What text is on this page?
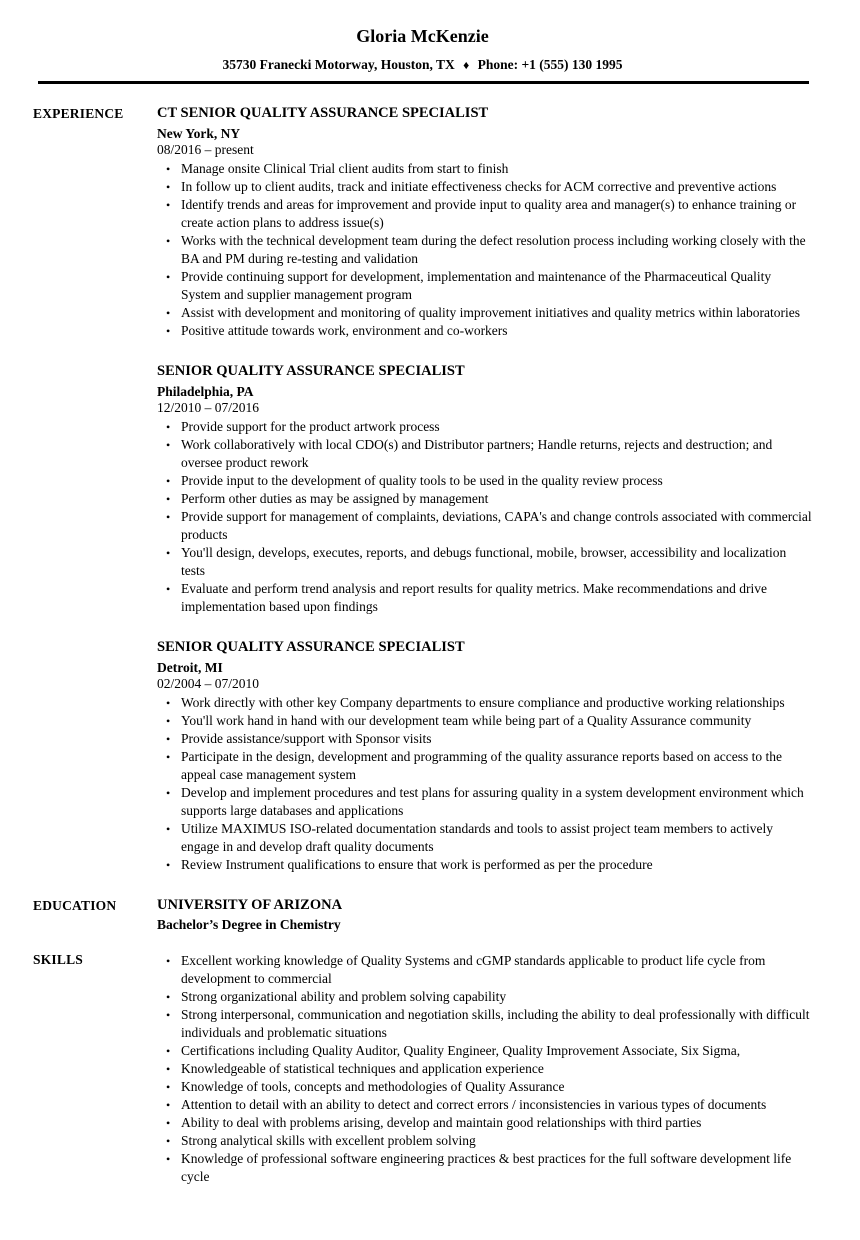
Gloria McKenzie
35730 Franecki Motorway, Houston, TX ♦ Phone: +1 (555) 130 1995
EXPERIENCE	CT SENIOR QUALITY ASSURANCE SPECIALIST
New York, NY
08/2016 – present
• Manage onsite Clinical Trial client audits from start to finish
• In follow up to client audits, track and initiate effectiveness checks for ACM corrective and preventive actions
• Identify trends and areas for improvement and provide input to quality area and manager(s) to enhance training or create action plans to address issue(s)
• Works with the technical development team during the defect resolution process including working closely with the BA and PM during re-testing and validation
• Provide continuing support for development, implementation and maintenance of the Pharmaceutical Quality System and supplier management program
• Assist with development and monitoring of quality improvement initiatives and quality metrics within laboratories
• Positive attitude towards work, environment and co-workers
SENIOR QUALITY ASSURANCE SPECIALIST
Philadelphia, PA
12/2010 – 07/2016
• Provide support for the product artwork process
• Work collaboratively with local CDO(s) and Distributor partners; Handle returns, rejects and destruction; and oversee product rework
• Provide input to the development of quality tools to be used in the quality review process
• Perform other duties as may be assigned by management
• Provide support for management of complaints, deviations, CAPA's and change controls associated with commercial products
• You'll design, develops, executes, reports, and debugs functional, mobile, browser, accessibility and localization tests
• Evaluate and perform trend analysis and report results for quality metrics. Make recommendations and drive implementation based upon findings
SENIOR QUALITY ASSURANCE SPECIALIST
Detroit, MI
02/2004 – 07/2010
• Work directly with other key Company departments to ensure compliance and productive working relationships
• You'll work hand in hand with our development team while being part of a Quality Assurance community
• Provide assistance/support with Sponsor visits
• Participate in the design, development and programming of the quality assurance reports based on access to the appeal case management system
• Develop and implement procedures and test plans for assuring quality in a system development environment which supports large databases and applications
• Utilize MAXIMUS ISO-related documentation standards and tools to assist project team members to actively engage in and develop draft quality documents
• Review Instrument qualifications to ensure that work is performed as per the procedure
EDUCATION	UNIVERSITY OF ARIZONA
Bachelor’s Degree in Chemistry
SKILLS	• Excellent working knowledge of Quality Systems and cGMP standards applicable to product life cycle from development to commercial
• Strong organizational ability and problem solving capability
• Strong interpersonal, communication and negotiation skills, including the ability to deal professionally with difficult individuals and problematic situations
• Certifications including Quality Auditor, Quality Engineer, Quality Improvement Associate, Six Sigma,
• Knowledgeable of statistical techniques and application experience
• Knowledge of tools, concepts and methodologies of Quality Assurance
• Attention to detail with an ability to detect and correct errors / inconsistencies in various types of documents
• Ability to deal with problems arising, develop and maintain good relationships with third parties
• Strong analytical skills with excellent problem solving
• Knowledge of professional software engineering practices & best practices for the full software development life cycle
